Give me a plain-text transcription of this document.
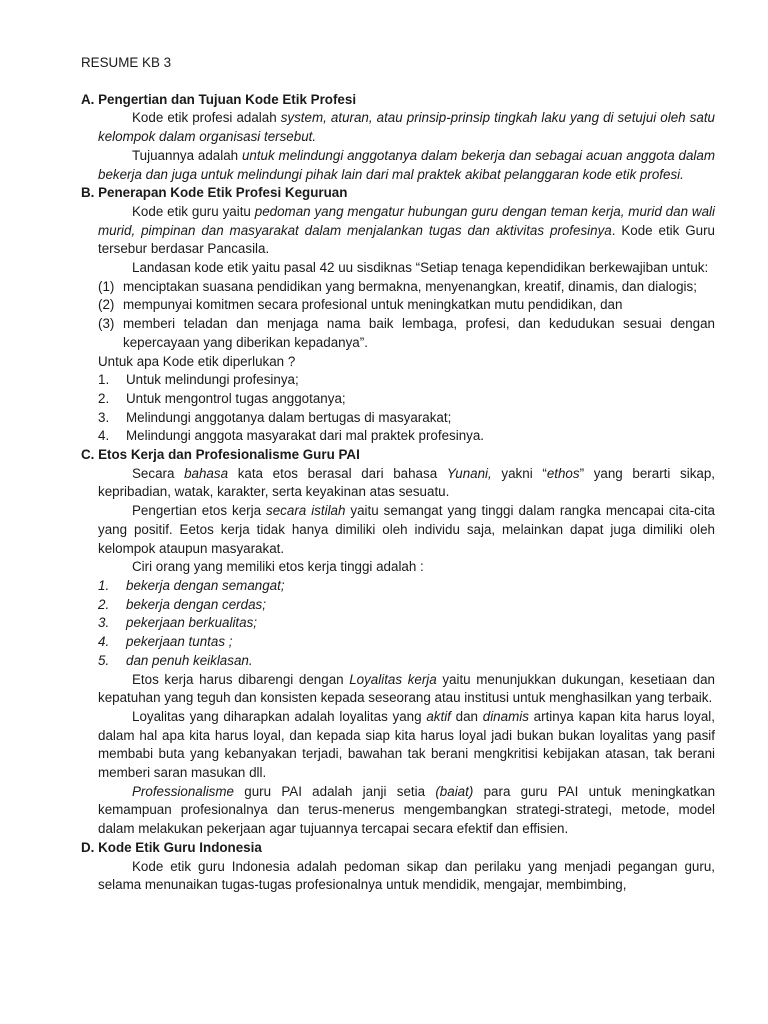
RESUME KB 3
A. Pengertian dan Tujuan Kode Etik Profesi

Kode etik profesi adalah system, aturan, atau prinsip-prinsip tingkah laku yang di setujui oleh satu kelompok dalam organisasi tersebut.

Tujuannya adalah untuk melindungi anggotanya dalam bekerja dan sebagai acuan anggota dalam bekerja dan juga untuk melindungi pihak lain dari mal praktek akibat pelanggaran kode etik profesi.

B. Penerapan Kode Etik Profesi Keguruan

Kode etik guru yaitu pedoman yang mengatur hubungan guru dengan teman kerja, murid dan wali murid, pimpinan dan masyarakat dalam menjalankan tugas dan aktivitas profesinya. Kode etik Guru tersebur berdasar Pancasila.

Landasan kode etik yaitu pasal 42 uu sisdiknas “Setiap tenaga kependidikan berkewajiban untuk:

(1) menciptakan suasana pendidikan yang bermakna, menyenangkan, kreatif, dinamis, dan dialogis;
(2) mempunyai komitmen secara profesional untuk meningkatkan mutu pendidikan, dan
(3) memberi teladan dan menjaga nama baik lembaga, profesi, dan kedudukan sesuai dengan kepercayaan yang diberikan kepadanya”.

Untuk apa Kode etik diperlukan ?

1. Untuk melindungi profesinya;
2. Untuk mengontrol tugas anggotanya;
3. Melindungi anggotanya dalam bertugas di masyarakat;
4. Melindungi anggota masyarakat dari mal praktek profesinya.
C. Etos Kerja dan Profesionalisme Guru PAI

Secara bahasa kata etos berasal dari bahasa Yunani, yakni “ethos” yang berarti sikap, kepribadian, watak, karakter, serta keyakinan atas sesuatu.

Pengertian etos kerja secara istilah yaitu semangat yang tinggi dalam rangka mencapai cita-cita yang positif. Eetos kerja tidak hanya dimiliki oleh individu saja, melainkan dapat juga dimiliki oleh kelompok ataupun masyarakat.

Ciri orang yang memiliki etos kerja tinggi adalah :

1. bekerja dengan semangat;
2. bekerja dengan cerdas;
3. pekerjaan berkualitas;
4. pekerjaan tuntas ;
5. dan penuh keiklasan.

Etos kerja harus dibarengi dengan Loyalitas kerja yaitu menunjukkan dukungan, kesetiaan dan kepatuhan yang teguh dan konsisten kepada seseorang atau institusi untuk menghasilkan yang terbaik.

Loyalitas yang diharapkan adalah loyalitas yang aktif dan dinamis artinya kapan kita harus loyal, dalam hal apa kita harus loyal, dan kepada siap kita harus loyal jadi bukan bukan loyalitas yang pasif membabi buta yang kebanyakan terjadi, bawahan tak berani mengkritisi kebijakan atasan, tak berani memberi saran masukan dll.

Professionalisme guru PAI adalah janji setia (baiat) para guru PAI untuk meningkatkan kemampuan profesionalnya dan terus-menerus mengembangkan strategi-strategi, metode, model dalam melakukan pekerjaan agar tujuannya tercapai secara efektif dan effisien.

D. Kode Etik Guru Indonesia

Kode etik guru Indonesia adalah pedoman sikap dan perilaku yang menjadi pegangan guru, selama menunaikan tugas-tugas profesionalnya untuk mendidik, mengajar, membimbing,
